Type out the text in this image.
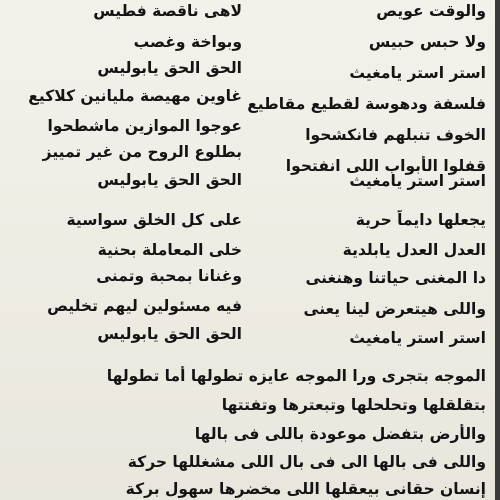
والوقت عويص
ولا حبس حبيس
استر استر يامغيث
فلسفة ودهوسة لقطيع مقاطيع
الخوف تنبلهم فانكشحوا
قفلوا الأبواب اللى انفتحوا
استر استر يامغيث
لاهى ناقصة فطيس
وبواخة وغصب
الحق الحق يابوليس
غاوين مهيصة مليانين كلاكيع
عوجوا الموازين ماشطحوا
بطلوع الروح من غير تمييز
الحق الحق يابوليس
يجعلها دايماً حرية
العدل العدل يابلدية
دا المغنى حياتنا وهنغنى
واللى هيتعرض لينا يعنى
استر استر يامغيث
على كل الخلق سواسية
خلى المعاملة بحنية
وغنانا بمحبة وتمنى
فيه مسئولين ليهم تخليص
الحق الحق يابوليس
الموجه بتجرى ورا الموجه عايزه تطولها أما تطولها
بتقلقلها وتحلحلها وتبعترها وتفتتها
والأرض بتفضل موعودة باللى فى بالها
واللى فى بالها الى فى بال اللى مشغللها حركة
إنسان حقانى بيعقلها اللى مخضرها سهول بركة
